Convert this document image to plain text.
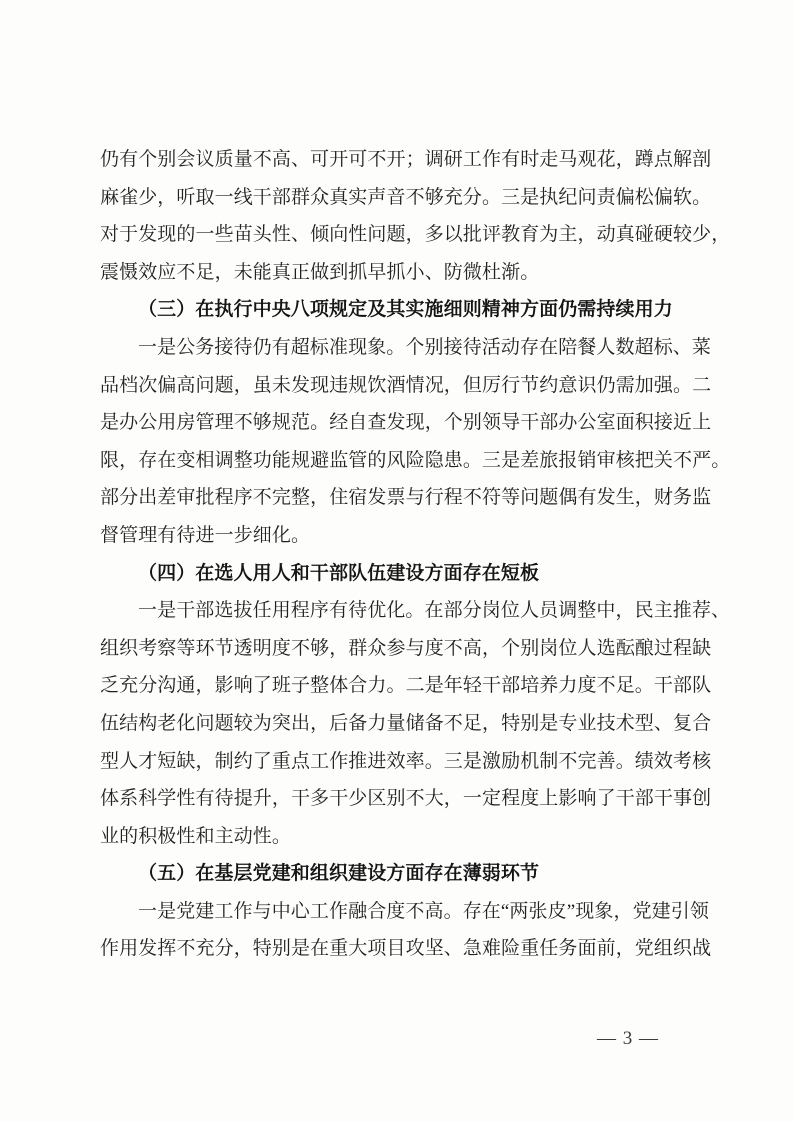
仍有个别会议质量不高、可开可不开；调研工作有时走马观花，蹲点解剖

麻雀少，听取一线干部群众真实声音不够充分。三是执纪问责偏松偏软。

对于发现的一些苗头性、倾向性问题，多以批评教育为主，动真碰硬较少，

震慑效应不足，未能真正做到抓早抓小、防微杜渐。

（三）在执行中央八项规定及其实施细则精神方面仍需持续用力

一是公务接待仍有超标准现象。个别接待活动存在陪餐人数超标、菜

品档次偏高问题，虽未发现违规饮酒情况，但厉行节约意识仍需加强。二

是办公用房管理不够规范。经自查发现，个别领导干部办公室面积接近上

限，存在变相调整功能规避监管的风险隐患。三是差旅报销审核把关不严。

部分出差审批程序不完整，住宿发票与行程不符等问题偶有发生，财务监

督管理有待进一步细化。

（四）在选人用人和干部队伍建设方面存在短板

一是干部选拔任用程序有待优化。在部分岗位人员调整中，民主推荐、

组织考察等环节透明度不够，群众参与度不高，个别岗位人选酝酿过程缺

乏充分沟通，影响了班子整体合力。二是年轻干部培养力度不足。干部队

伍结构老化问题较为突出，后备力量储备不足，特别是专业技术型、复合

型人才短缺，制约了重点工作推进效率。三是激励机制不完善。绩效考核

体系科学性有待提升，干多干少区别不大，一定程度上影响了干部干事创

业的积极性和主动性。

（五）在基层党建和组织建设方面存在薄弱环节

一是党建工作与中心工作融合度不高。存在“两张皮”现象，党建引领

作用发挥不充分，特别是在重大项目攻坚、急难险重任务面前，党组织战

— 3 —
